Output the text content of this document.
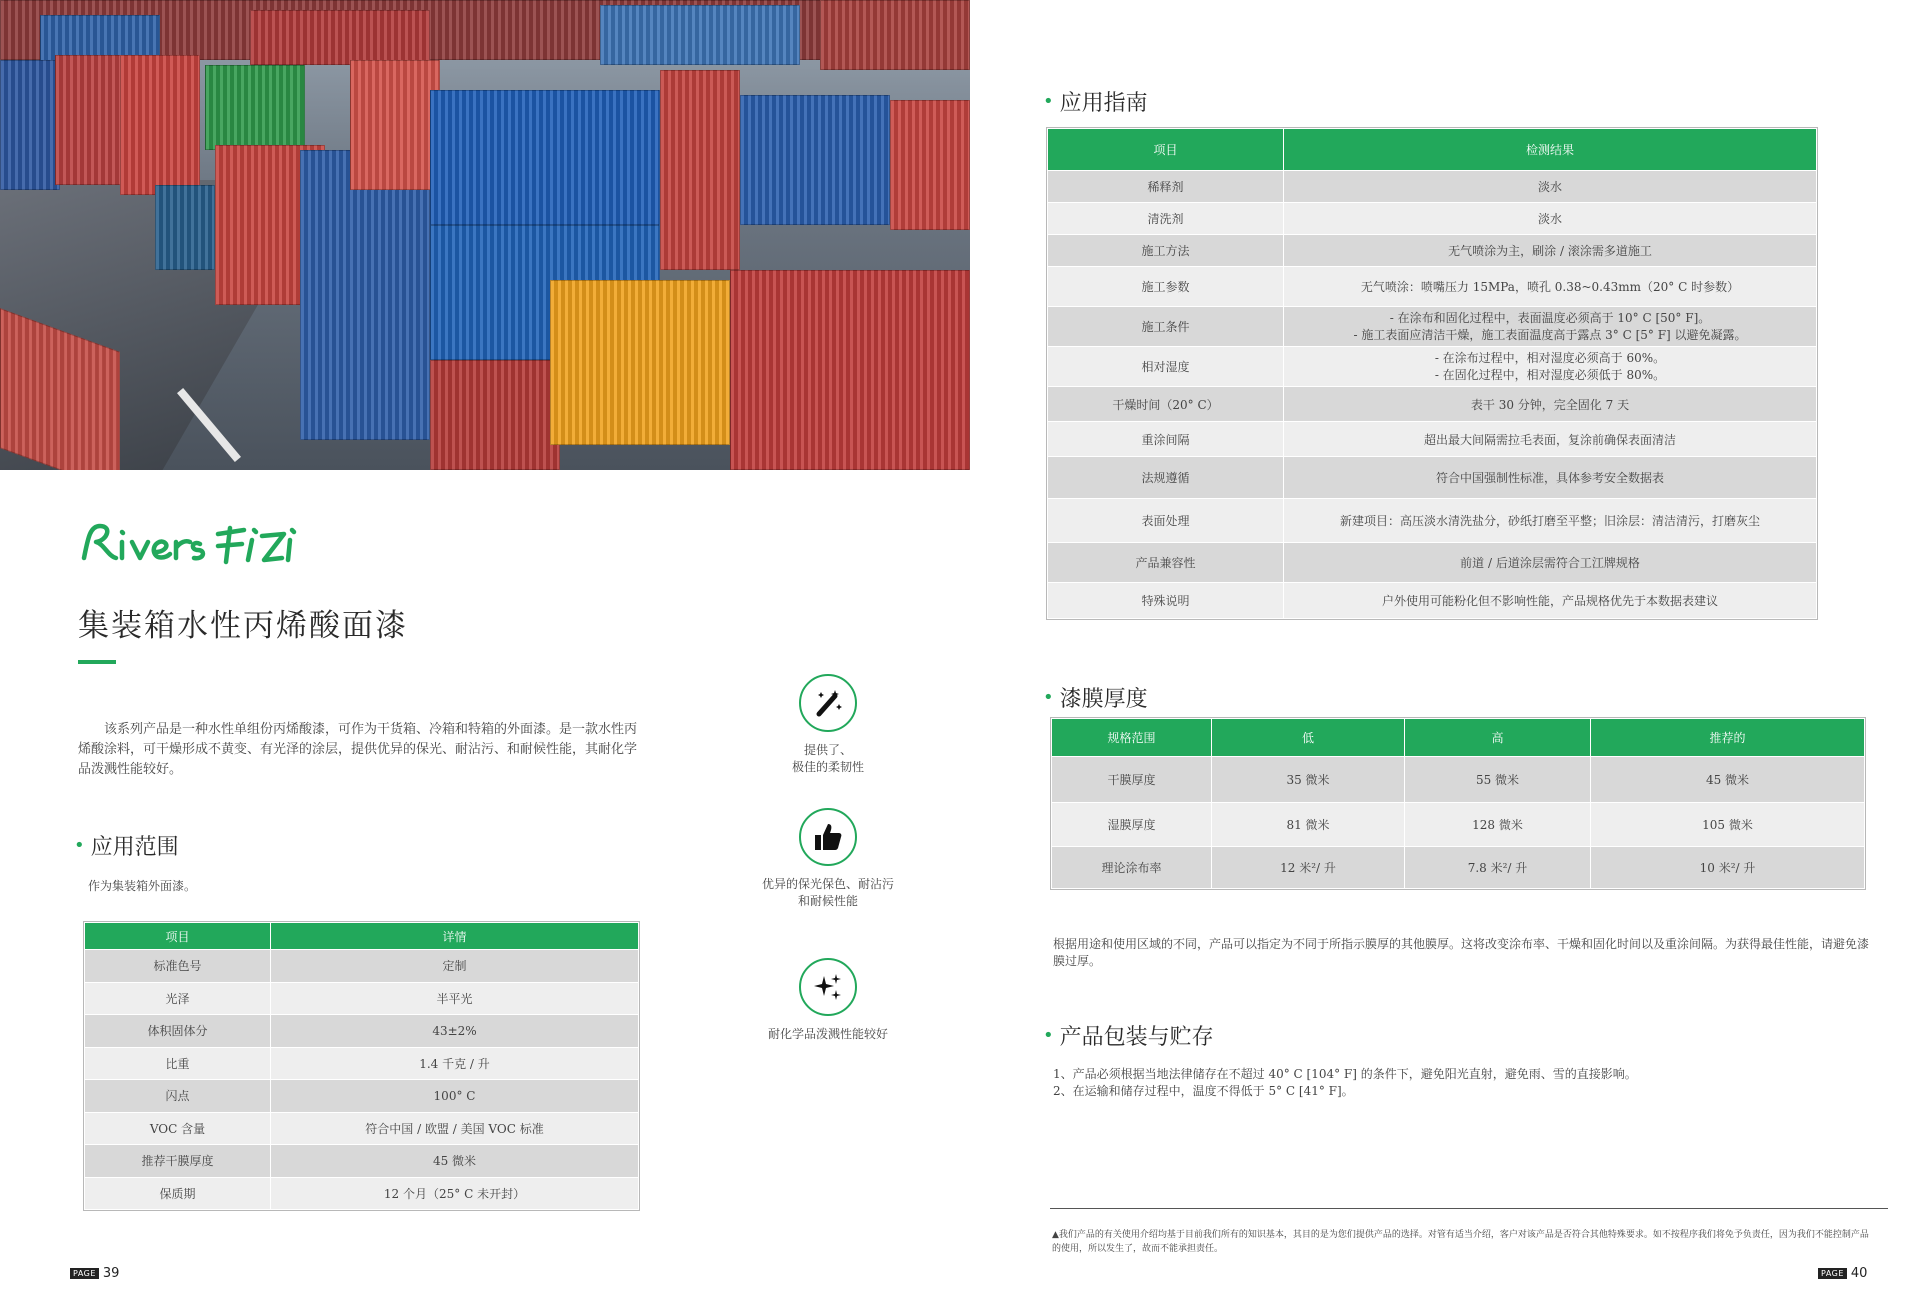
集装箱水性丙烯酸面漆

该系列产品是一种水性单组份丙烯酸漆，可作为干货箱、冷箱和特箱的外面漆。是一款水性丙烯酸涂料，可干燥形成不黄变、有光泽的涂层，提供优异的保光、耐沾污、和耐候性能，其耐化学品泼溅性能较好。

• 应用范围
作为集装箱外面漆。
项目	详情
标准色号	定制
光泽	半平光
体积固体分	43±2%
比重	1.4 千克 / 升
闪点	100° C
VOC 含量	符合中国 / 欧盟 / 美国 VOC 标准
推荐干膜厚度	45 微米
保质期	12 个月（25° C 未开封）
提供了、
极佳的柔韧性
优异的保光保色、耐沾污
和耐候性能
耐化学品泼溅性能较好
PAGE 39
• 应用指南
项目	检测结果
稀释剂	淡水
清洗剂	淡水
施工方法	无气喷涂为主，刷涂 / 滚涂需多道施工
施工参数	无气喷涂：喷嘴压力 15MPa，喷孔 0.38~0.43mm（20° C 时参数）
施工条件	- 在涂布和固化过程中，表面温度必须高于 10° C [50° F]。
- 施工表面应清洁干燥，施工表面温度高于露点 3° C [5° F] 以避免凝露。
相对湿度	- 在涂布过程中，相对湿度必须高于 60%。
- 在固化过程中，相对湿度必须低于 80%。
干燥时间（20° C）	表干 30 分钟，完全固化 7 天
重涂间隔	超出最大间隔需拉毛表面，复涂前确保表面清洁
法规遵循	符合中国强制性标准，具体参考安全数据表
表面处理	新建项目：高压淡水清洗盐分，砂纸打磨至平整；旧涂层：清洁清污，打磨灰尘
产品兼容性	前道 / 后道涂层需符合工江牌规格
特殊说明	户外使用可能粉化但不影响性能，产品规格优先于本数据表建议
• 漆膜厚度
规格范围	低	高	推荐的
干膜厚度	35 微米	55 微米	45 微米
湿膜厚度	81 微米	128 微米	105 微米
理论涂布率	12 米²/ 升	7.8 米²/ 升	10 米²/ 升
根据用途和使用区域的不同，产品可以指定为不同于所指示膜厚的其他膜厚。这将改变涂布率、干燥和固化时间以及重涂间隔。为获得最佳性能，请避免漆膜过厚。
• 产品包装与贮存

1、产品必须根据当地法律储存在不超过 40° C [104° F] 的条件下，避免阳光直射，避免雨、雪的直接影响。

2、在运输和储存过程中，温度不得低于 5° C [41° F]。

▲我们产品的有关使用介绍均基于目前我们所有的知识基本，其目的是为您们提供产品的选择。对管有适当介绍，客户对该产品是否符合其他特殊要求。如不按程序我们将免予负责任，因为我们不能控制产品的使用，所以发生了，故而不能承担责任。
PAGE 40
